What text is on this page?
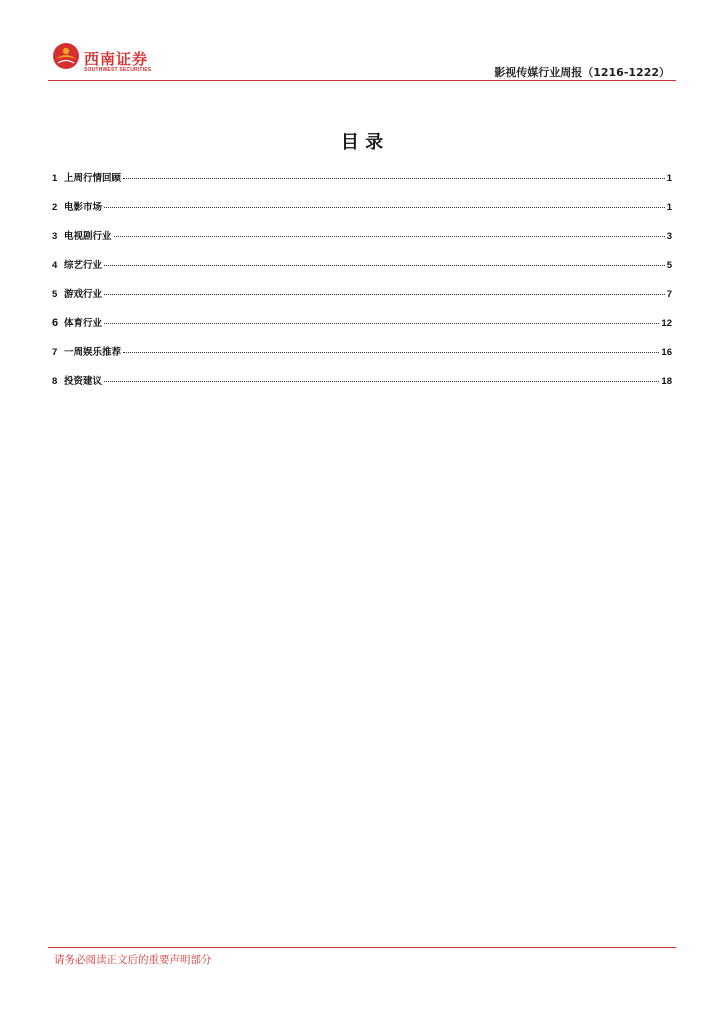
西南证券
SOUTHWEST SECURITIES	影视传媒行业周报（1216-1222）
目 录
1 上周行情回顾	1
2 电影市场	1
3 电视剧行业	3
4 综艺行业	5
5 游戏行业	7
6 体育行业	12
7 一周娱乐推荐	16
8 投资建议	18
请务必阅读正文后的重要声明部分
